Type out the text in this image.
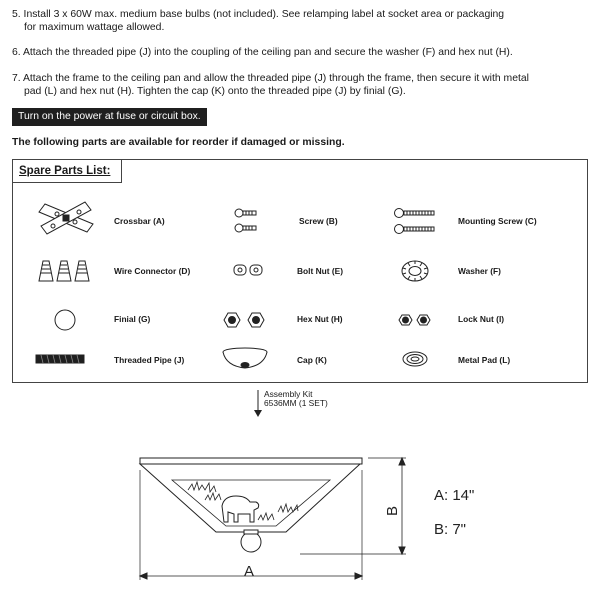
5. Install 3 x 60W max. medium base bulbs (not included). See relamping label at socket area or packaging
for maximum wattage allowed.
6. Attach the threaded pipe (J) into the coupling of the ceiling pan and secure the washer (F) and hex nut (H).
7. Attach the frame to the ceiling pan and allow the threaded pipe (J) through the frame, then secure it with metal
pad (L) and hex nut (H). Tighten the cap (K) onto the threaded pipe (J) by finial (G).
Turn on the power at fuse or circuit box.
The following parts are available for reorder if damaged or missing.
Spare Parts List:
Crossbar (A)	Screw (B)	Mounting Screw (C)
Wire Connector (D)	Bolt Nut (E)	Washer (F)
Finial (G)	Hex Nut (H)	Lock Nut (I)
Threaded Pipe (J)	Cap (K)	Metal Pad (L)
Assembly Kit
6536MM (1 SET)
A
B
A: 14"
B: 7"
